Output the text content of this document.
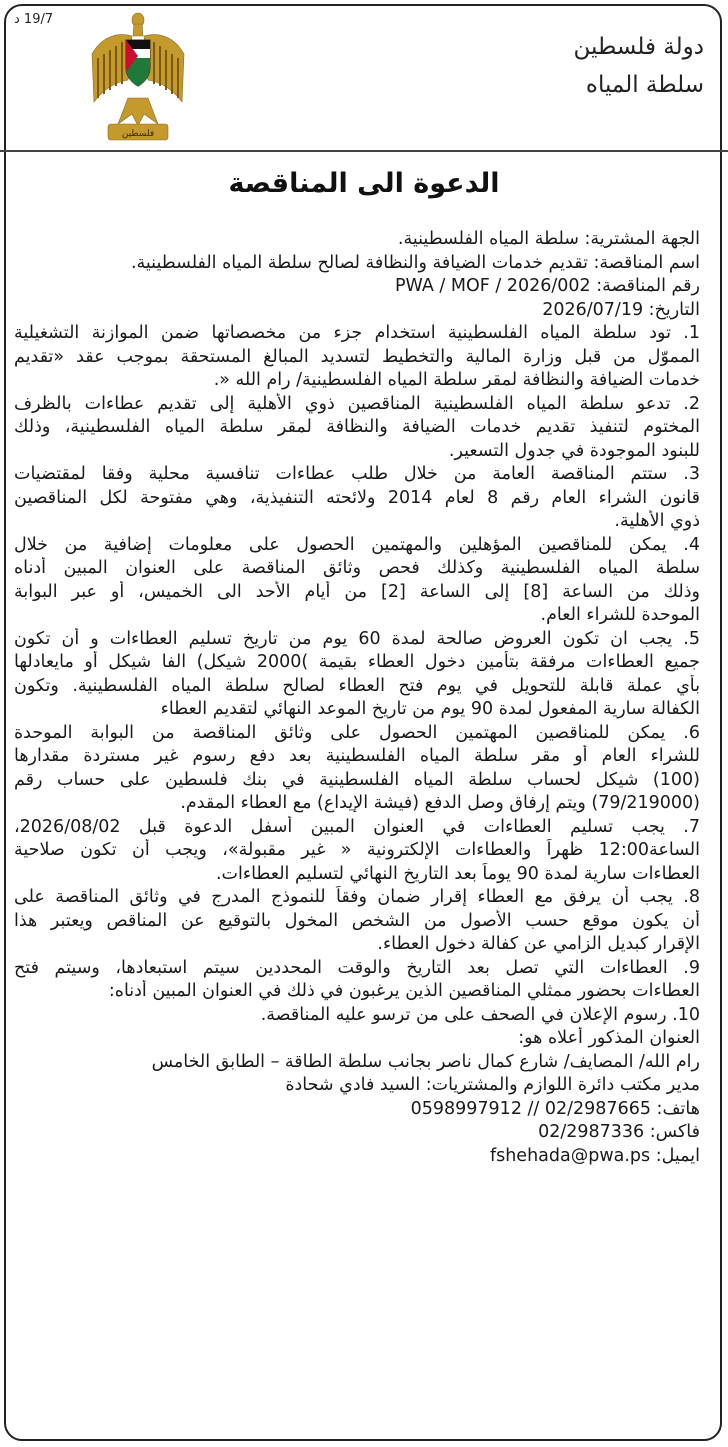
19/7 د
فلسطين
دولة فلسطين
سلطة المياه
الدعوة الى المناقصة
الجهة المشترية: سلطة المياه الفلسطينية.
اسم المناقصة: تقديم خدمات الضيافة والنظافة لصالح سلطة المياه الفلسطينية.
رقم المناقصة: PWA / MOF / 2026/002
التاريخ: 2026/07/19
1. تود سلطة المياه الفلسطينية استخدام جزء من مخصصاتها ضمن الموازنة التشغيلية
المموّل من قبل وزارة المالية والتخطيط لتسديد المبالغ المستحقة بموجب عقد «تقديم
خدمات الضيافة والنظافة لمقر سلطة المياه الفلسطينية/ رام الله «.
2. تدعو سلطة المياه الفلسطينية المناقصين ذوي الأهلية إلى تقديم عطاءات بالظرف
المختوم لتنفيذ تقديم خدمات الضيافة والنظافة لمقر سلطة المياه الفلسطينية، وذلك
للبنود الموجودة في جدول التسعير.
3. ستتم المناقصة العامة من خلال طلب عطاءات تنافسية محلية وفقا لمقتضيات
قانون الشراء العام رقم 8 لعام 2014 ولائحته التنفيذية، وهي مفتوحة لكل المناقصين
ذوي الأهلية.
4. يمكن للمناقصين المؤهلين والمهتمين الحصول على معلومات إضافية من خلال
سلطة المياه الفلسطينية وكذلك فحص وثائق المناقصة على العنوان المبين أدناه
وذلك من الساعة [8] إلى الساعة [2] من أيام الأحد الى الخميس، أو عبر البوابة
الموحدة للشراء العام.
5. يجب ان تكون العروض صالحة لمدة 60 يوم من تاريخ تسليم العطاءات و أن تكون
جميع العطاءات مرفقة بتأمين دخول العطاء بقيمة )2000 شيكل) الفا شيكل أو مايعادلها
بأي عملة قابلة للتحويل في يوم فتح العطاء لصالح سلطة المياه الفلسطينية. وتكون
الكفالة سارية المفعول لمدة 90 يوم من تاريخ الموعد النهائي لتقديم العطاء
6. يمكن للمناقصين المهتمين الحصول على وثائق المناقصة من البوابة الموحدة
للشراء العام أو مقر سلطة المياه الفلسطينية بعد دفع رسوم غير مستردة مقدارها
(100) شيكل لحساب سلطة المياه الفلسطينية في بنك فلسطين على حساب رقم
(79/219000) ويتم إرفاق وصل الدفع (فيشة الإيداع) مع العطاء المقدم.
7. يجب تسليم العطاءات في العنوان المبين أسفل الدعوة قبل 2026/08/02،
الساعة12:00 ظهراً والعطاءات الإلكترونية « غير مقبولة»، ويجب أن تكون صلاحية
العطاءات سارية لمدة 90 يوماً بعد التاريخ النهائي لتسليم العطاءات.
8. يجب أن يرفق مع العطاء إقرار ضمان وفقاً للنموذج المدرج في وثائق المناقصة على
أن يكون موقع حسب الأصول من الشخص المخول بالتوقيع عن المناقص ويعتبر هذا
الإقرار كبديل الزامي عن كفالة دخول العطاء.
9. العطاءات التي تصل بعد التاريخ والوقت المحددين سيتم استبعادها، وسيتم فتح
العطاءات بحضور ممثلي المناقصين الذين يرغبون في ذلك في العنوان المبين أدناه:
10. رسوم الإعلان في الصحف على من ترسو عليه المناقصة.
العنوان المذكور أعلاه هو:
رام الله/ المصايف/ شارع كمال ناصر بجانب سلطة الطاقة – الطابق الخامس
مدير مكتب دائرة اللوازم والمشتريات: السيد فادي شحادة
هاتف: 0598997912 // 02/2987665
فاكس: 02/2987336
ايميل: fshehada@pwa.ps
